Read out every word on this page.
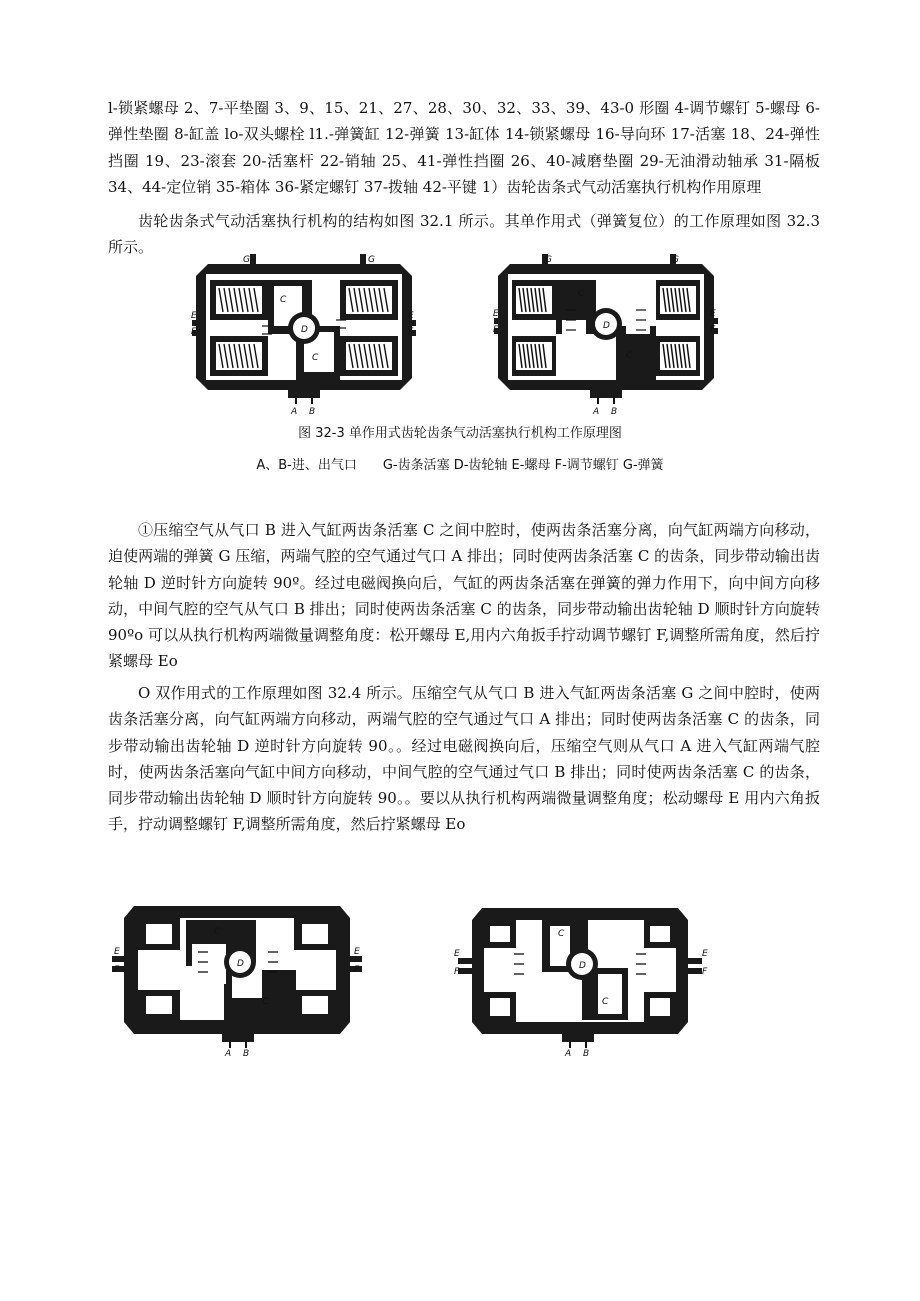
l-锁紧螺母 2、7-平垫圈 3、9、15、21、27、28、30、32、33、39、43-0 形圈 4-调节螺钉 5-螺母 6-弹性垫圈 8-缸盖 lo-双头螺栓 l1.-弹簧缸 12-弹簧 13-缸体 14-锁紧螺母 16-导向环 17-活塞 18、24-弹性挡圈 19、23-滚套 20-活塞杆 22-销轴 25、41-弹性挡圈 26、40-减磨垫圈 29-无油滑动轴承 31-隔板 34、44-定位销 35-箱体 36-紧定螺钉 37-拨轴 42-平键 1）齿轮齿条式气动活塞执行机构作用原理

齿轮齿条式气动活塞执行机构的结构如图 32.1 所示。其单作用式（弹簧复位）的工作原理如图 32.3 所示。

G	G
C
C
D
E
F
E
F
A B
G	G
C
C
D
E
F
E
F
A B

图 32-3 单作用式齿轮齿条气动活塞执行机构工作原理图

A、B-进、出气口　　G-齿条活塞 D-齿轮轴 E-螺母 F-调节螺钉 G-弹簧

①压缩空气从气口 B 进入气缸两齿条活塞 C 之间中腔时，使两齿条活塞分离，向气缸两端方向移动，迫使两端的弹簧 G 压缩，两端气腔的空气通过气口 A 排出；同时使两齿条活塞 C 的齿条，同步带动输出齿轮轴 D 逆时针方向旋转 90º。经过电磁阀换向后，气缸的两齿条活塞在弹簧的弹力作用下，向中间方向移动，中间气腔的空气从气口 B 排出；同时使两齿条活塞 C 的齿条，同步带动输出齿轮轴 D 顺时针方向旋转 90ºo 可以从执行机构两端微量调整角度：松开螺母 E,用内六角扳手拧动调节螺钉 F,调整所需角度，然后拧紧螺母 Eo

O 双作用式的工作原理如图 32.4 所示。压缩空气从气口 B 进入气缸两齿条活塞 G 之间中腔时，使两齿条活塞分离，向气缸两端方向移动，两端气腔的空气通过气口 A 排出；同时使两齿条活塞 C 的齿条，同步带动输出齿轮轴 D 逆时针方向旋转 90。。经过电磁阀换向后，压缩空气则从气口 A 进入气缸两端气腔时，使两齿条活塞向气缸中间方向移动，中间气腔的空气通过气口 B 排出；同时使两齿条活塞 C 的齿条，同步带动输出齿轮轴 D 顺时针方向旋转 90。。要以从执行机构两端微量调整角度；松动螺母 E 用内六角扳手，拧动调整螺钉 F,调整所需角度，然后拧紧螺母 Eo

C
C
D
E
F
E
F
A B
C
C
D
E
F
E
F
A B
